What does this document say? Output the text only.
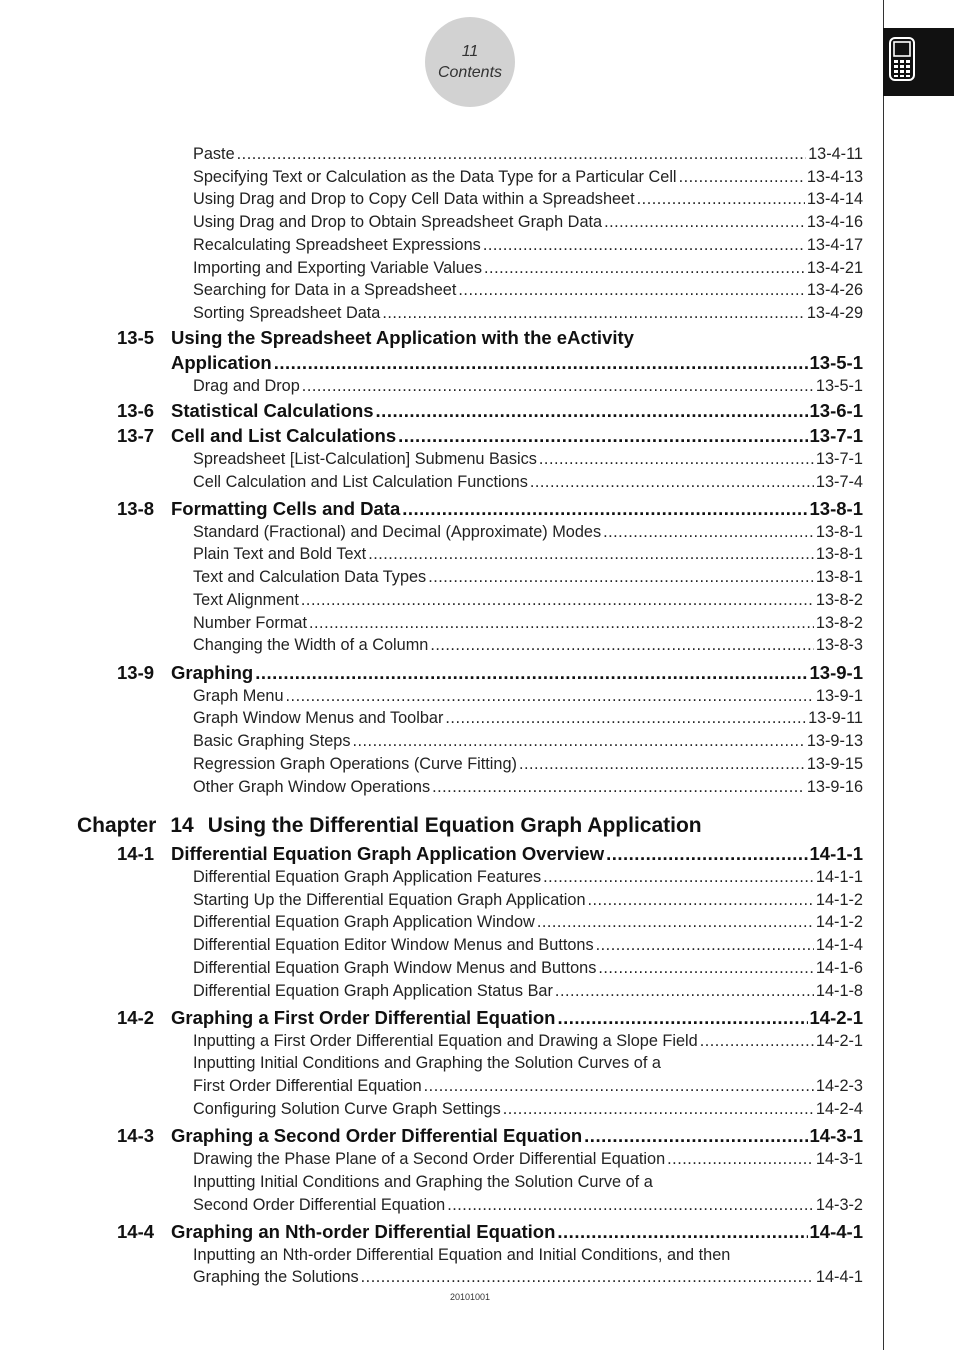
11
Contents
Paste .....	13-4-11
Specifying Text or Calculation as the Data Type for a Particular Cell .....	13-4-13
Using Drag and Drop to Copy Cell Data within a Spreadsheet .....	13-4-14
Using Drag and Drop to Obtain Spreadsheet Graph Data .....	13-4-16
Recalculating Spreadsheet Expressions .....	13-4-17
Importing and Exporting Variable Values .....	13-4-21
Searching for Data in a Spreadsheet .....	13-4-26
Sorting Spreadsheet Data .....	13-4-29
13-5 Using the Spreadsheet Application with the eActivity
Application .....	13-5-1
Drag and Drop .....	13-5-1
13-6 Statistical Calculations .....	13-6-1
13-7 Cell and List Calculations .....	13-7-1
Spreadsheet [List-Calculation] Submenu Basics .....	13-7-1
Cell Calculation and List Calculation Functions .....	13-7-4
13-8 Formatting Cells and Data .....	13-8-1
Standard (Fractional) and Decimal (Approximate) Modes .....	13-8-1
Plain Text and Bold Text .....	13-8-1
Text and Calculation Data Types .....	13-8-1
Text Alignment .....	13-8-2
Number Format .....	13-8-2
Changing the Width of a Column .....	13-8-3
13-9 Graphing .....	13-9-1
Graph Menu .....	13-9-1
Graph Window Menus and Toolbar .....	13-9-11
Basic Graphing Steps .....	13-9-13
Regression Graph Operations (Curve Fitting) .....	13-9-15
Other Graph Window Operations .....	13-9-16
Chapter 14 Using the Differential Equation Graph Application
14-1 Differential Equation Graph Application Overview .....	14-1-1
Differential Equation Graph Application Features .....	14-1-1
Starting Up the Differential Equation Graph Application .....	14-1-2
Differential Equation Graph Application Window .....	14-1-2
Differential Equation Editor Window Menus and Buttons .....	14-1-4
Differential Equation Graph Window Menus and Buttons .....	14-1-6
Differential Equation Graph Application Status Bar .....	14-1-8
14-2 Graphing a First Order Differential Equation .....	14-2-1
Inputting a First Order Differential Equation and Drawing a Slope Field .....	14-2-1
Inputting Initial Conditions and Graphing the Solution Curves of a
First Order Differential Equation .....	14-2-3
Configuring Solution Curve Graph Settings .....	14-2-4
14-3 Graphing a Second Order Differential Equation .....	14-3-1
Drawing the Phase Plane of a Second Order Differential Equation .....	14-3-1
Inputting Initial Conditions and Graphing the Solution Curve of a
Second Order Differential Equation .....	14-3-2
14-4 Graphing an Nth-order Differential Equation .....	14-4-1
Inputting an Nth-order Differential Equation and Initial Conditions, and then
Graphing the Solutions .....	14-4-1
20101001
